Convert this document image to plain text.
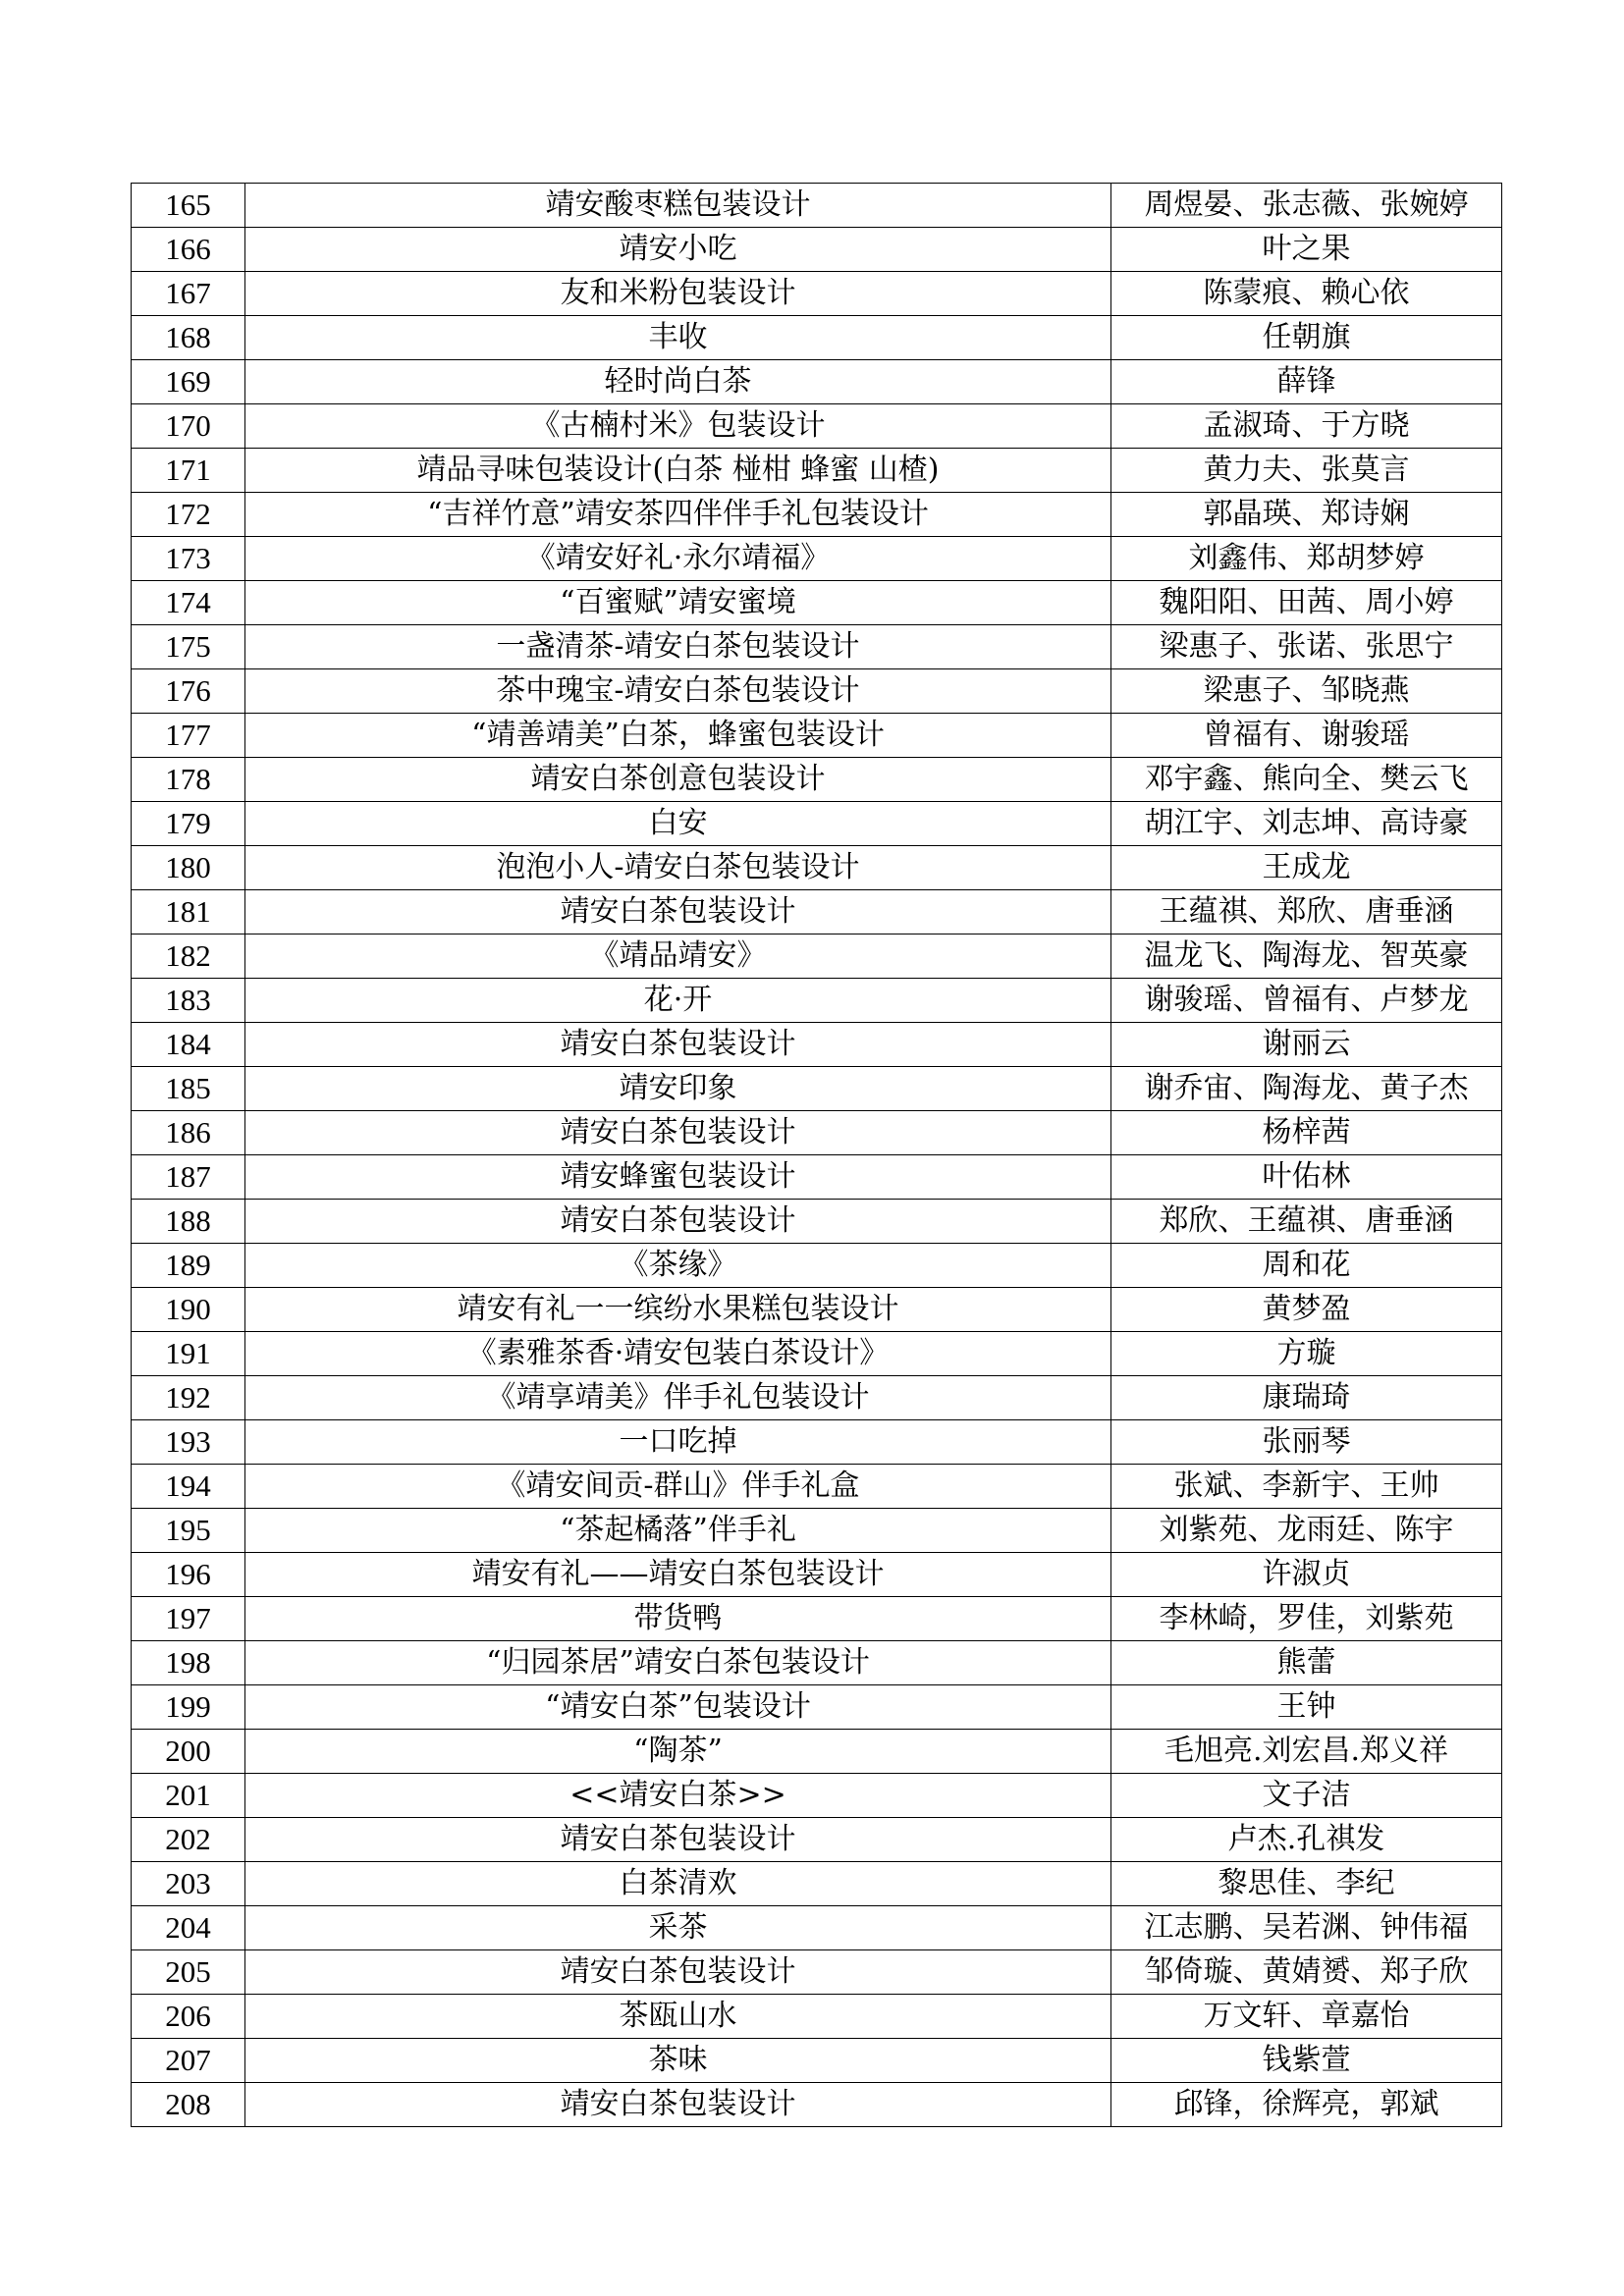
165	靖安酸枣糕包装设计	周煜晏、张志薇、张婉婷
166	靖安小吃	叶之果
167	友和米粉包装设计	陈蒙痕、赖心依
168	丰收	任朝旗
169	轻时尚白茶	薛锋
170	《古楠村米》包装设计	孟淑琦、于方晓
171	靖品寻味包装设计(白茶 椪柑 蜂蜜 山楂)	黄力夫、张莫言
172	“吉祥竹意”靖安茶四伴伴手礼包装设计	郭晶瑛、郑诗娴
173	《靖安好礼·永尔靖福》	刘鑫伟、郑胡梦婷
174	“百蜜赋”靖安蜜境	魏阳阳、田茜、周小婷
175	一盏清茶-靖安白茶包装设计	梁惠子、张诺、张思宁
176	茶中瑰宝-靖安白茶包装设计	梁惠子、邹晓燕
177	“靖善靖美”白茶，蜂蜜包装设计	曾福有、谢骏瑶
178	靖安白茶创意包装设计	邓宇鑫、熊向全、樊云飞
179	白安	胡江宇、刘志坤、高诗豪
180	泡泡小人-靖安白茶包装设计	王成龙
181	靖安白茶包装设计	王蕴祺、郑欣、唐垂涵
182	《靖品靖安》	温龙飞、陶海龙、智英豪
183	花·开	谢骏瑶、曾福有、卢梦龙
184	靖安白茶包装设计	谢丽云
185	靖安印象	谢乔宙、陶海龙、黄子杰
186	靖安白茶包装设计	杨梓茜
187	靖安蜂蜜包装设计	叶佑林
188	靖安白茶包装设计	郑欣、王蕴祺、唐垂涵
189	《茶缘》	周和花
190	靖安有礼一一缤纷水果糕包装设计	黄梦盈
191	《素雅茶香·靖安包装白茶设计》	方璇
192	《靖享靖美》伴手礼包装设计	康瑞琦
193	一口吃掉	张丽琴
194	《靖安间贡-群山》伴手礼盒	张斌、李新宇、王帅
195	“茶起橘落”伴手礼	刘紫苑、龙雨廷、陈宇
196	靖安有礼——靖安白茶包装设计	许淑贞
197	带货鸭	李林崎，罗佳，刘紫苑
198	“归园茶居”靖安白茶包装设计	熊蕾
199	“靖安白茶”包装设计	王钟
200	“陶茶”	毛旭亮.刘宏昌.郑义祥
201	<<靖安白茶>>	文子洁
202	靖安白茶包装设计	卢杰.孔祺发
203	白茶清欢	黎思佳、李纪
204	采茶	江志鹏、吴若渊、钟伟福
205	靖安白茶包装设计	邹倚璇、黄婧赟、郑子欣
206	茶瓯山水	万文轩、章嘉怡
207	茶味	钱紫萱
208	靖安白茶包装设计	邱锋，徐辉亮，郭斌
